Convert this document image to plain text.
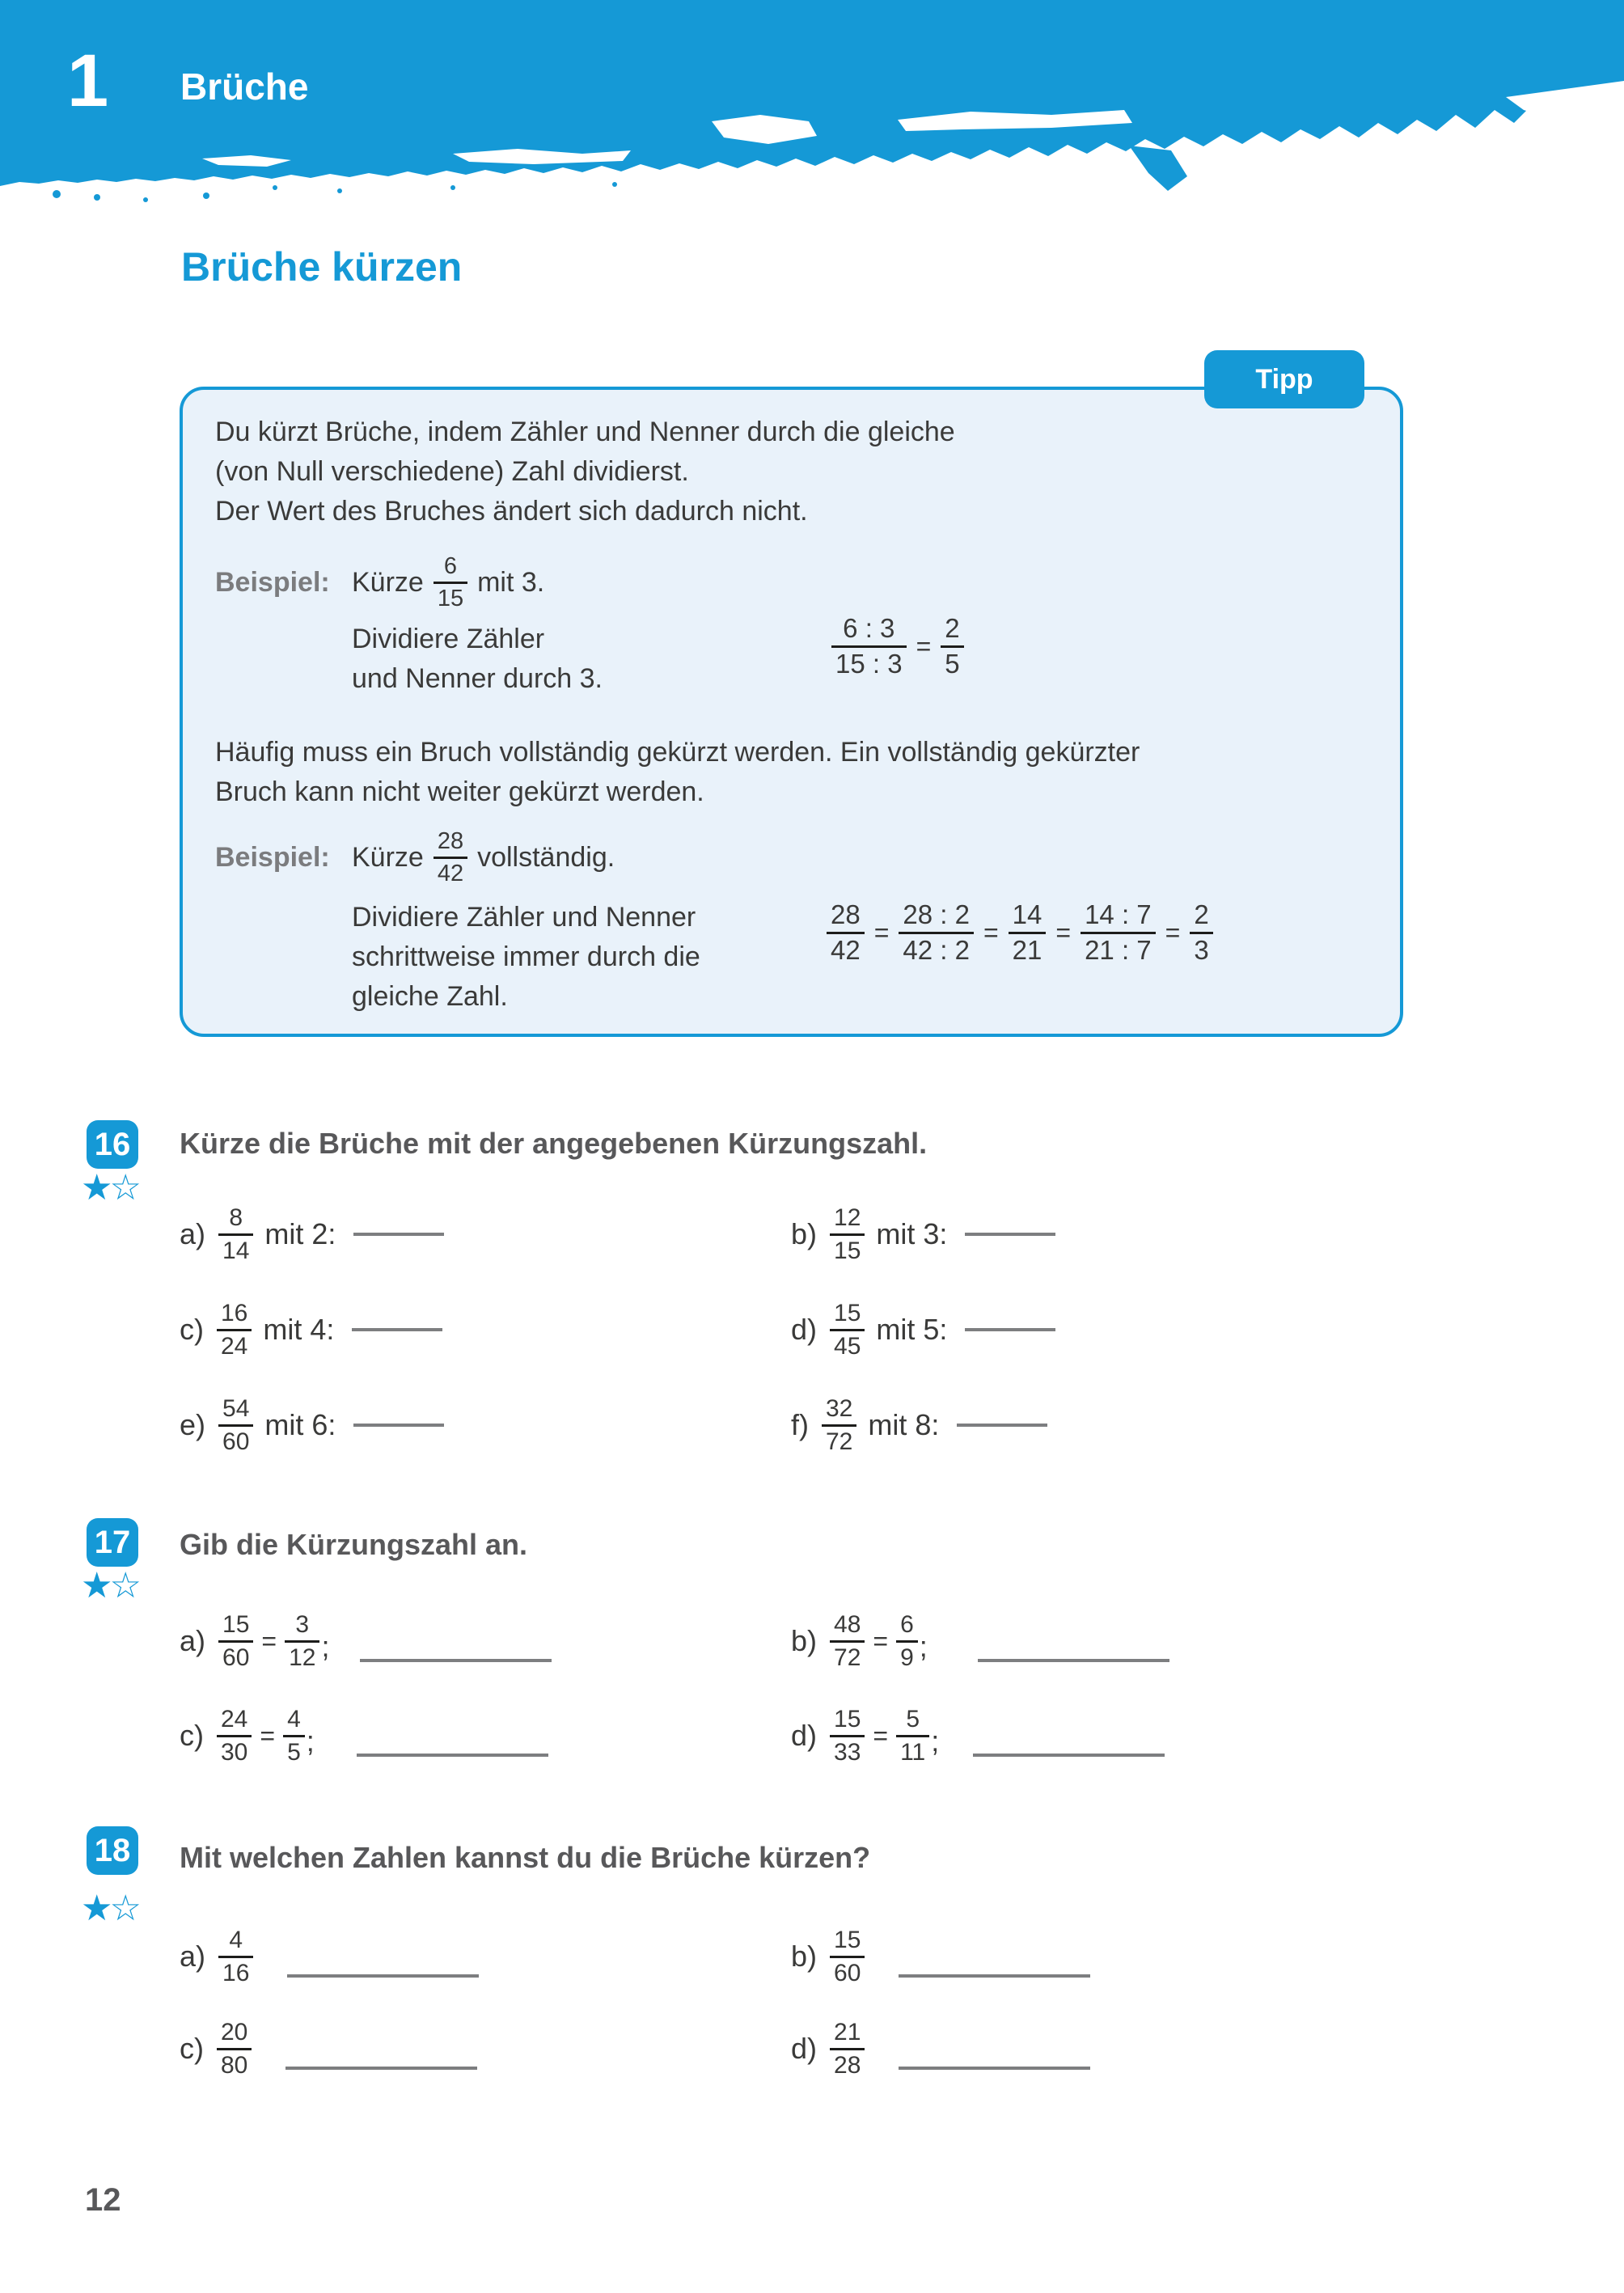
1 Brüche
Brüche kürzen
Tipp
Du kürzt Brüche, indem Zähler und Nenner durch die gleiche
(von Null verschiedene) Zahl dividierst.
Der Wert des Bruches ändert sich dadurch nicht.
Beispiel: Kürze $\frac{6}{15}$ mit 3.
Dividiere Zähler
und Nenner durch 3.
$\frac{6 : 3}{15 : 3} = \frac{2}{5}$
Häufig muss ein Bruch vollständig gekürzt werden. Ein vollständig gekürzter
Bruch kann nicht weiter gekürzt werden.
Beispiel: Kürze $\frac{28}{42}$ vollständig.
Dividiere Zähler und Nenner
schrittweise immer durch die
gleiche Zahl.
$\frac{28}{42} = \frac{28 : 2}{42 : 2} = \frac{14}{21} = \frac{14 : 7}{21 : 7} = \frac{2}{3}$
16
★☆
Kürze die Brüche mit der angegebenen Kürzungszahl.
$a) \frac{8}{14}$ mit 2:	$b) \frac{12}{15}$ mit 3:
$c) \frac{16}{24}$ mit 4:	$d) \frac{15}{45}$ mit 5:
$e) \frac{54}{60}$ mit 6:	$f) \frac{32}{72}$ mit 8:
17
★☆
Gib die Kürzungszahl an.
$a) \frac{15}{60} = \frac{3}{12}$ ;	$b) \frac{48}{72} = \frac{6}{9}$ ;
$c) \frac{24}{30} = \frac{4}{5}$ ;	$d) \frac{15}{33} = \frac{5}{11}$ ;
18
★☆
Mit welchen Zahlen kannst du die Brüche kürzen?
$a) \frac{4}{16}$	$b) \frac{15}{60}$
$c) \frac{20}{80}$	$d) \frac{21}{28}$
12
